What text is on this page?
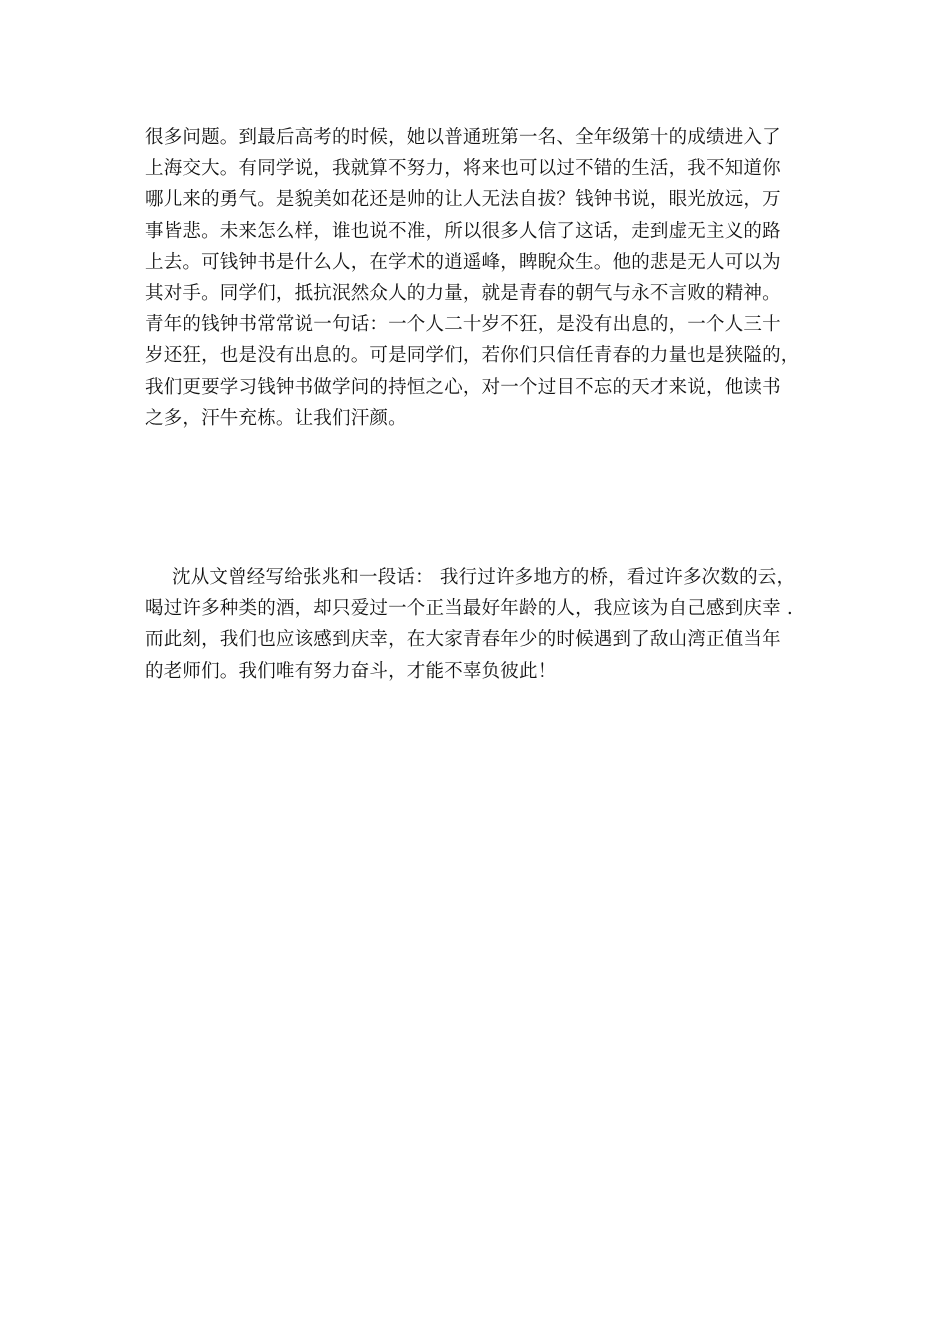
很多问题。到最后高考的时候，她以普通班第一名、全年级第十的成绩进入了
上海交大。有同学说，我就算不努力，将来也可以过不错的生活，我不知道你
哪儿来的勇气。是貌美如花还是帅的让人无法自拔？钱钟书说，眼光放远，万
事皆悲。未来怎么样，谁也说不准，所以很多人信了这话，走到虚无主义的路
上去。可钱钟书是什么人，在学术的逍遥峰，睥睨众生。他的悲是无人可以为
其对手。同学们，抵抗泯然众人的力量，就是青春的朝气与永不言败的精神。
青年的钱钟书常常说一句话：一个人二十岁不狂，是没有出息的，一个人三十
岁还狂，也是没有出息的。可是同学们，若你们只信任青春的力量也是狭隘的，
我们更要学习钱钟书做学问的持恒之心，对一个过目不忘的天才来说，他读书
之多，汗牛充栋。让我们汗颜。
沈从文曾经写给张兆和一段话： 我行过许多地方的桥，看过许多次数的云，
喝过许多种类的酒，却只爱过一个正当最好年龄的人，我应该为自己感到庆幸 .
而此刻，我们也应该感到庆幸，在大家青春年少的时候遇到了敌山湾正值当年
的老师们。我们唯有努力奋斗，才能不辜负彼此！
